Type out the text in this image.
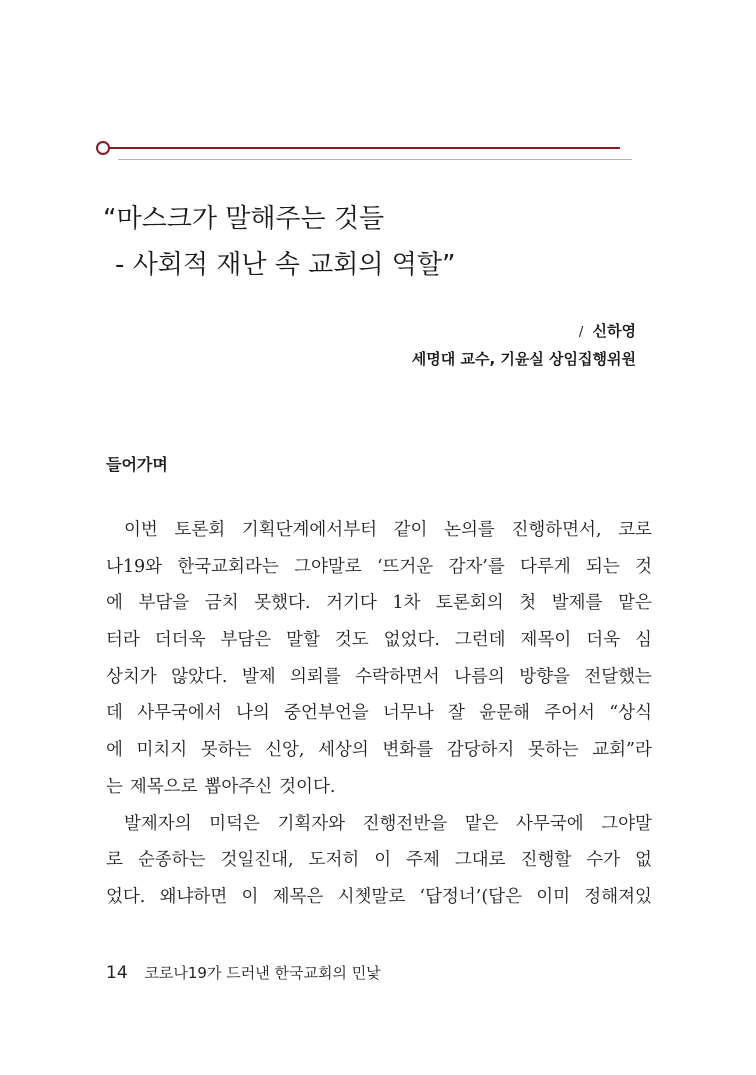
“마스크가 말해주는 것들
- 사회적 재난 속 교회의 역할”
/ 신하영
세명대 교수, 기윤실 상임집행위원
들어가며
이번 토론회 기획단계에서부터 같이 논의를 진행하면서, 코로
나19와 한국교회라는 그야말로 ‘뜨거운 감자’를 다루게 되는 것
에 부담을 금치 못했다. 거기다 1차 토론회의 첫 발제를 맡은
터라 더더욱 부담은 말할 것도 없었다. 그런데 제목이 더욱 심
상치가 않았다. 발제 의뢰를 수락하면서 나름의 방향을 전달했는
데 사무국에서 나의 중언부언을 너무나 잘 윤문해 주어서 “상식
에 미치지 못하는 신앙, 세상의 변화를 감당하지 못하는 교회”라
는 제목으로 뽑아주신 것이다.
발제자의 미덕은 기획자와 진행전반을 맡은 사무국에 그야말
로 순종하는 것일진대, 도저히 이 주제 그대로 진행할 수가 없
었다. 왜냐하면 이 제목은 시쳇말로 ‘답정너’(답은 이미 정해져있
14 코로나19가 드러낸 한국교회의 민낯
